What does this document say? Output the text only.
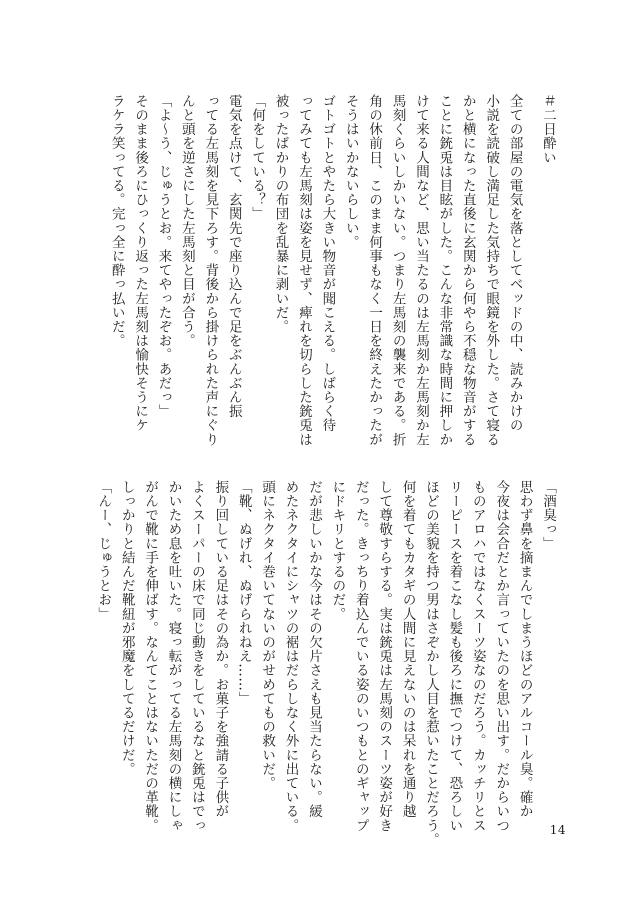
＃二日酔い
全ての部屋の電気を落としてベッドの中、読みかけの
小説を読破し満足した気持ちで眼鏡を外した。さて寝る
かと横になった直後に玄関から何やら不穏な物音がする
ことに銃兎は目眩がした。こんな非常識な時間に押しか
けて来る人間など、思い当たるのは左馬刻か左馬刻か左
馬刻くらいしかいない。つまり左馬刻の襲来である。折
角の休前日、このまま何事もなく一日を終えたかったが
そうはいかないらしい。
ゴトゴトとやたら大きい物音が聞こえる。しばらく待
ってみても左馬刻は姿を見せず、痺れを切らした銃兎は
被ったばかりの布団を乱暴に剥いだ。
「何をしている？」
電気を点けて、玄関先で座り込んで足をぶんぶん振
ってる左馬刻を見下ろす。背後から掛けられた声にぐり
んと頭を逆さにした左馬刻と目が合う。
「よ〜う、じゅうとお。来てやったぞお。あだっ」
そのまま後ろにひっくり返った左馬刻は愉快そうにケ
ラケラ笑ってる。完っ全に酔っ払いだ。
「酒臭っ」
思わず鼻を摘まんでしまうほどのアルコール臭。確か
今夜は会合だとか言っていたのを思い出す。だからいつ
ものアロハではなくスーツ姿なのだろう。カッチリとス
リーピースを着こなし髪も後ろに撫でつけて、恐ろしい
ほどの美貌を持つ男はさぞかし人目を惹いたことだろう。
何を着てもカタギの人間に見えないのは呆れを通り越
して尊敬すらする。実は銃兎は左馬刻のスーツ姿が好き
だった。きっちり着込んでいる姿のいつもとのギャップ
にドキリとするのだ。
だが悲しいかな今はその欠片さえも見当たらない。緩
めたネクタイにシャツの裾はだらしなく外に出ている。
頭にネクタイ巻いてないのがせめてもの救いだ。
「靴、ぬげれ、ぬげられねえ……」
振り回している足はその為か。お菓子を強請る子供が
よくスーパーの床で同じ動きをしているなと銃兎はでっ
かいため息を吐いた。寝っ転がってる左馬刻の横にしゃ
がんで靴に手を伸ばす。なんてことはないただの革靴。
しっかりと結んだ靴紐が邪魔をしてるだけだ。
「んー、じゅうとお」
14
